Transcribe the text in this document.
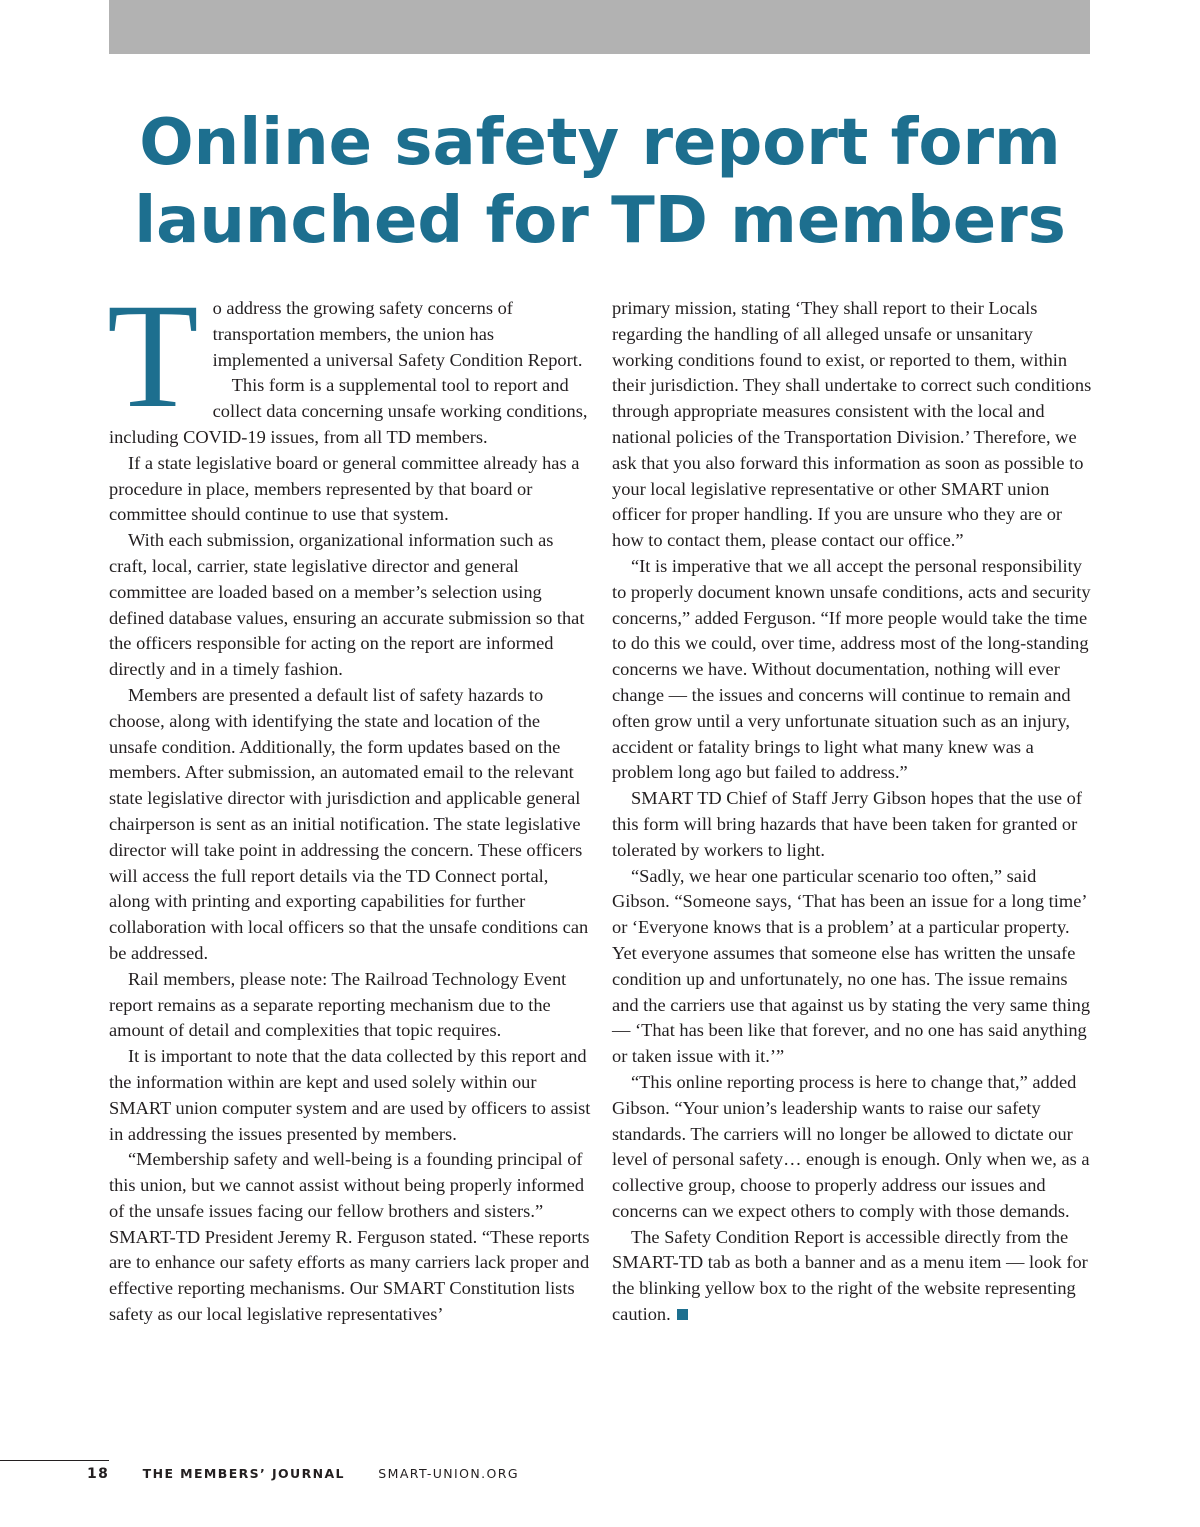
Online safety report form
launched for TD members

To address the growing safety concerns of transportation members, the union has implemented a universal Safety Condition Report.

This form is a supplemental tool to report and collect data concerning unsafe working conditions, including COVID-19 issues, from all TD members.

If a state legislative board or general committee already has a procedure in place, members represented by that board or committee should continue to use that system.

With each submission, organizational information such as craft, local, carrier, state legislative director and general committee are loaded based on a member’s selection using defined database values, ensuring an accurate submission so that the officers responsible for acting on the report are informed directly and in a timely fashion.

Members are presented a default list of safety hazards to choose, along with identifying the state and location of the unsafe condition. Additionally, the form updates based on the members. After submission, an automated email to the relevant state legislative director with jurisdiction and applicable general chairperson is sent as an initial notification. The state legislative director will take point in addressing the concern. These officers will access the full report details via the TD Connect portal, along with printing and exporting capabilities for further collaboration with local officers so that the unsafe conditions can be addressed.

Rail members, please note: The Railroad Technology Event report remains as a separate reporting mechanism due to the amount of detail and complexities that topic requires.

It is important to note that the data collected by this report and the information within are kept and used solely within our SMART union computer system and are used by officers to assist in addressing the issues presented by members.

“Membership safety and well-being is a founding principal of this union, but we cannot assist without being properly informed of the unsafe issues facing our fellow brothers and sisters.” SMART-TD President Jeremy R. Ferguson stated. “These reports are to enhance our safety efforts as many carriers lack proper and effective reporting mechanisms. Our SMART Constitution lists safety as our local legislative representatives’

primary mission, stating ‘They shall report to their Locals regarding the handling of all alleged unsafe or unsanitary working conditions found to exist, or reported to them, within their jurisdiction. They shall undertake to correct such conditions through appropriate measures consistent with the local and national policies of the Transportation Division.’ Therefore, we ask that you also forward this information as soon as possible to your local legislative representative or other SMART union officer for proper handling. If you are unsure who they are or how to contact them, please contact our office.”

“It is imperative that we all accept the personal responsibility to properly document known unsafe conditions, acts and security concerns,” added Ferguson. “If more people would take the time to do this we could, over time, address most of the long-standing concerns we have. Without documentation, nothing will ever change — the issues and concerns will continue to remain and often grow until a very unfortunate situation such as an injury, accident or fatality brings to light what many knew was a problem long ago but failed to address.”

SMART TD Chief of Staff Jerry Gibson hopes that the use of this form will bring hazards that have been taken for granted or tolerated by workers to light.

“Sadly, we hear one particular scenario too often,” said Gibson. “Someone says, ‘That has been an issue for a long time’ or ‘Everyone knows that is a problem’ at a particular property. Yet everyone assumes that someone else has written the unsafe condition up and unfortunately, no one has. The issue remains and the carriers use that against us by stating the very same thing — ‘That has been like that forever, and no one has said anything or taken issue with it.’”

“This online reporting process is here to change that,” added Gibson. “Your union’s leadership wants to raise our safety standards. The carriers will no longer be allowed to dictate our level of personal safety… enough is enough. Only when we, as a collective group, choose to properly address our issues and concerns can we expect others to comply with those demands.

The Safety Condition Report is accessible directly from the SMART-TD tab as both a banner and as a menu item — look for the blinking yellow box to the right of the website representing caution.

18	THE MEMBERS’ JOURNAL	SMART-UNION.ORG
